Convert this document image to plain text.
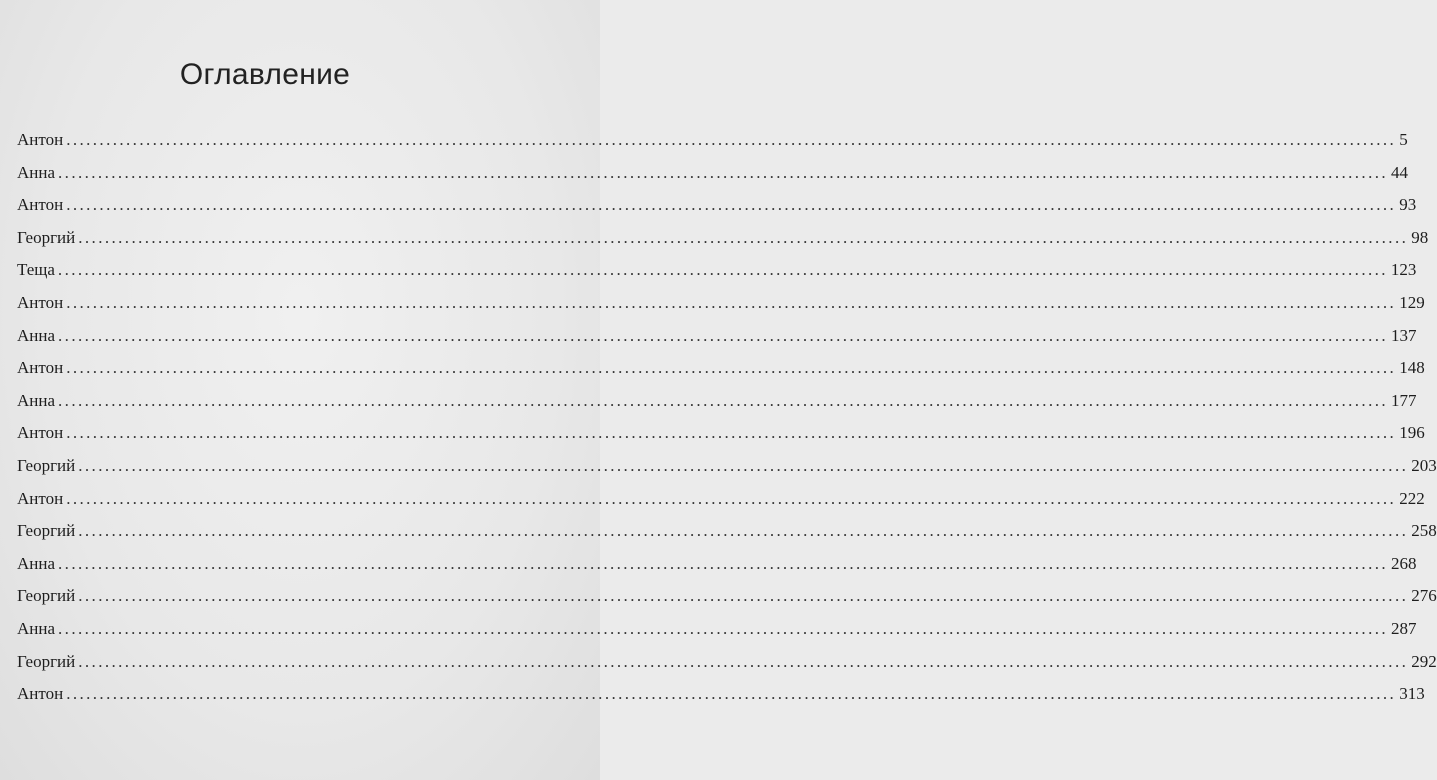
Оглавление
Антон ........................................................................................................................................................................................................ 5
Анна ........................................................................................................................................................................................................ 44
Антон ........................................................................................................................................................................................................ 93
Георгий ........................................................................................................................................................................................................ 98
Теща ........................................................................................................................................................................................................ 123
Антон ........................................................................................................................................................................................................ 129
Анна ........................................................................................................................................................................................................ 137
Антон ........................................................................................................................................................................................................ 148
Анна ........................................................................................................................................................................................................ 177
Антон ........................................................................................................................................................................................................ 196
Георгий ........................................................................................................................................................................................................ 203
Антон ........................................................................................................................................................................................................ 222
Георгий ........................................................................................................................................................................................................ 258
Анна ........................................................................................................................................................................................................ 268
Георгий ........................................................................................................................................................................................................ 276
Анна ........................................................................................................................................................................................................ 287
Георгий ........................................................................................................................................................................................................ 292
Антон ........................................................................................................................................................................................................ 313
